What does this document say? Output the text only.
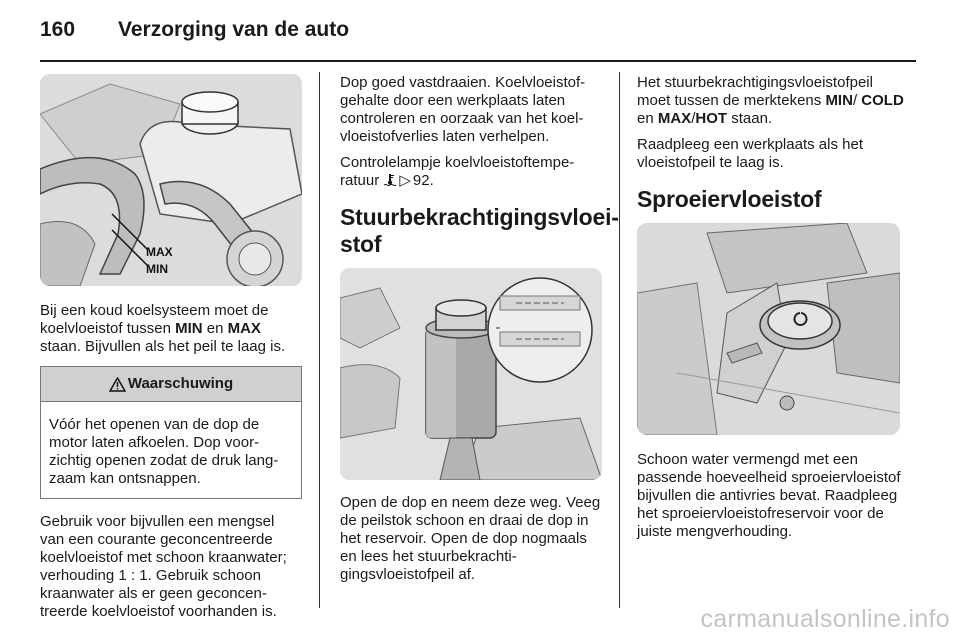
160	Verzorging van de auto
MAX
MIN

Bij een koud koelsysteem moet de koelvloeistof tussen MIN en MAX staan. Bijvullen als het peil te laag is.

Waarschuwing
Vóór het openen van de dop de motor laten afkoelen. Dop voorzichtig openen zodat de druk langzaam kan ontsnappen.

Gebruik voor bijvullen een mengsel van een courante geconcentreerde koelvloeistof met schoon kraanwater; verhouding 1 : 1. Gebruik schoon kraanwater als er geen geconcentreerde koelvloeistof voorhanden is.

Dop goed vastdraaien. Koelvloeistofgehalte door een werkplaats laten controleren en oorzaak van het koelvloeistofverlies laten verhelpen.

Controlelampje koelvloeistoftemperatuur ▷ 92.

Stuurbekrachtigingsvloeistof

Open de dop en neem deze weg. Veeg de peilstok schoon en draai de dop in het reservoir. Open de dop nogmaals en lees het stuurbekrachtigingsvloeistofpeil af.

Het stuurbekrachtigingsvloeistofpeil moet tussen de merktekens MIN/ COLD en MAX/HOT staan.

Raadpleeg een werkplaats als het vloeistofpeil te laag is.

Sproeiervloeistof

Schoon water vermengd met een passende hoeveelheid sproeiervloeistof bijvullen die antivries bevat. Raadpleeg het sproeiervloeistofreservoir voor de juiste mengverhouding.

carmanualsonline.info
